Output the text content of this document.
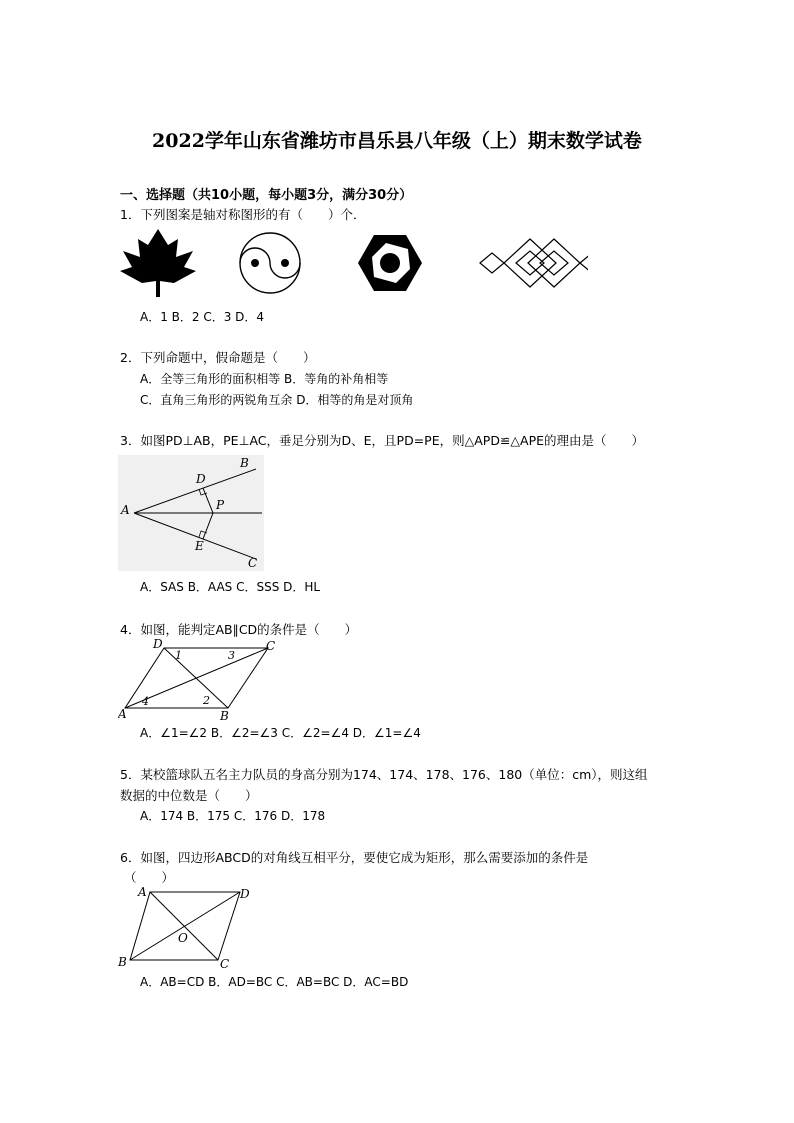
2022学年山东省潍坊市昌乐县八年级（上）期末数学试卷
一、选择题（共10小题，每小题3分，满分30分）
1．下列图案是轴对称图形的有（　　）个．
A．1 B．2 C．3 D．4
2．下列命题中，假命题是（　　）
A．全等三角形的面积相等 B．等角的补角相等
C．直角三角形的两锐角互余 D．相等的角是对顶角
3．如图PD⊥AB，PE⊥AC，垂足分别为D、E，且PD=PE，则△APD≌△APE的理由是（　　）
A
B
C
D
E
P
A．SAS B．AAS C．SSS D．HL
4．如图，能判定AB∥CD的条件是（　　）
A	B
C
D
1
2
3
4
A．∠1=∠2 B．∠2=∠3 C．∠2=∠4 D．∠1=∠4
5．某校篮球队五名主力队员的身高分别为174、174、178、176、180（单位：cm），则这组
数据的中位数是（　　）
A．174 B．175 C．176 D．178
6．如图，四边形ABCD的对角线互相平分，要使它成为矩形，那么需要添加的条件是
（　　）
A
B	C
D
O
A．AB=CD B．AD=BC C．AB=BC D．AC=BD
